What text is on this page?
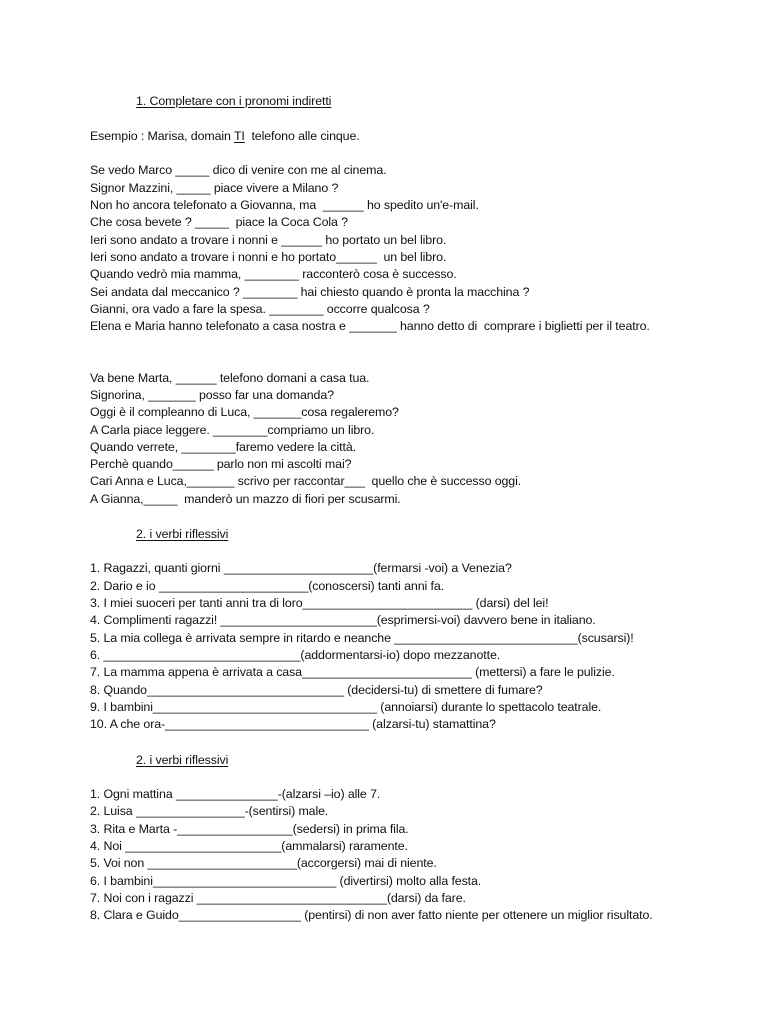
1. Completare con i pronomi indiretti
Esempio : Marisa, domain TI  telefono alle cinque.
Se vedo Marco _____ dico di venire con me al cinema.
Signor Mazzini, _____ piace vivere a Milano ?
Non ho ancora telefonato a Giovanna, ma  ______ ho spedito un'e-mail.
Che cosa bevete ? _____  piace la Coca Cola ?
Ieri sono andato a trovare i nonni e ______ ho portato un bel libro.
Ieri sono andato a trovare i nonni e ho portato______  un bel libro.
Quando vedrò mia mamma, ________ racconterò cosa è successo.
Sei andata dal meccanico ? ________ hai chiesto quando è pronta la macchina ?
Gianni, ora vado a fare la spesa. ________ occorre qualcosa ?
Elena e Maria hanno telefonato a casa nostra e _______ hanno detto di  comprare i biglietti per il teatro.
Va bene Marta, ______ telefono domani a casa tua.
Signorina, _______ posso far una domanda?
Oggi è il compleanno di Luca, _______cosa regaleremo?
A Carla piace leggere. ________compriamo un libro.
Quando verrete, ________faremo vedere la città.
Perchè quando______ parlo non mi ascolti mai?
Cari Anna e Luca,_______ scrivo per raccontar___  quello che è successo oggi.
A Gianna,_____  manderò un mazzo di fiori per scusarmi.
2. i verbi riflessivi
1. Ragazzi, quanti giorni ______________________(fermarsi -voi) a Venezia?
2. Dario e io ______________________(conoscersi) tanti anni fa.
3. I miei suoceri per tanti anni tra di loro_________________________ (darsi) del lei!
4. Complimenti ragazzi! _______________________(esprimersi-voi) davvero bene in italiano.
5. La mia collega è arrivata sempre in ritardo e neanche ___________________________(scusarsi)!
6. _____________________________(addormentarsi-io) dopo mezzanotte.
7. La mamma appena è arrivata a casa_________________________ (mettersi) a fare le pulizie.
8. Quando_____________________________ (decidersi-tu) di smettere di fumare?
9. I bambini_________________________________ (annoiarsi) durante lo spettacolo teatrale.
10. A che ora-______________________________ (alzarsi-tu) stamattina?
2. i verbi riflessivi
1. Ogni mattina _______________-(alzarsi –io) alle 7.
2. Luisa ________________-(sentirsi) male.
3. Rita e Marta -_________________(sedersi) in prima fila.
4. Noi _______________________(ammalarsi) raramente.
5. Voi non ______________________(accorgersi) mai di niente.
6. I bambini___________________________ (divertirsi) molto alla festa.
7. Noi con i ragazzi ____________________________(darsi) da fare.
8. Clara e Guido__________________ (pentirsi) di non aver fatto niente per ottenere un miglior risultato.
